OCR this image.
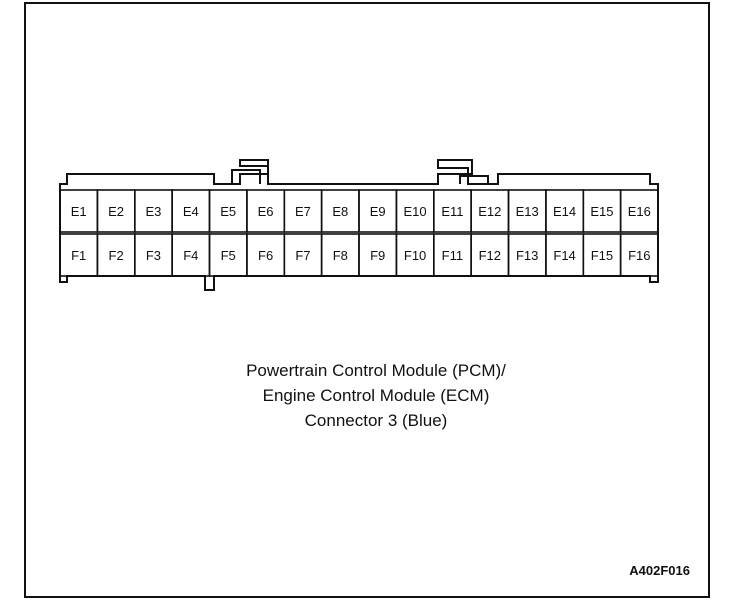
E1 E2 E3 E4 E5 E6 E7 E8 E9 E10 E11 E12 E13 E14 E15 E16
F1 F2 F3 F4 F5 F6 F7 F8 F9 F10 F11 F12 F13 F14 F15 F16
Powertrain Control Module (PCM)/
Engine Control Module (ECM)
Connector 3 (Blue)
A402F016
